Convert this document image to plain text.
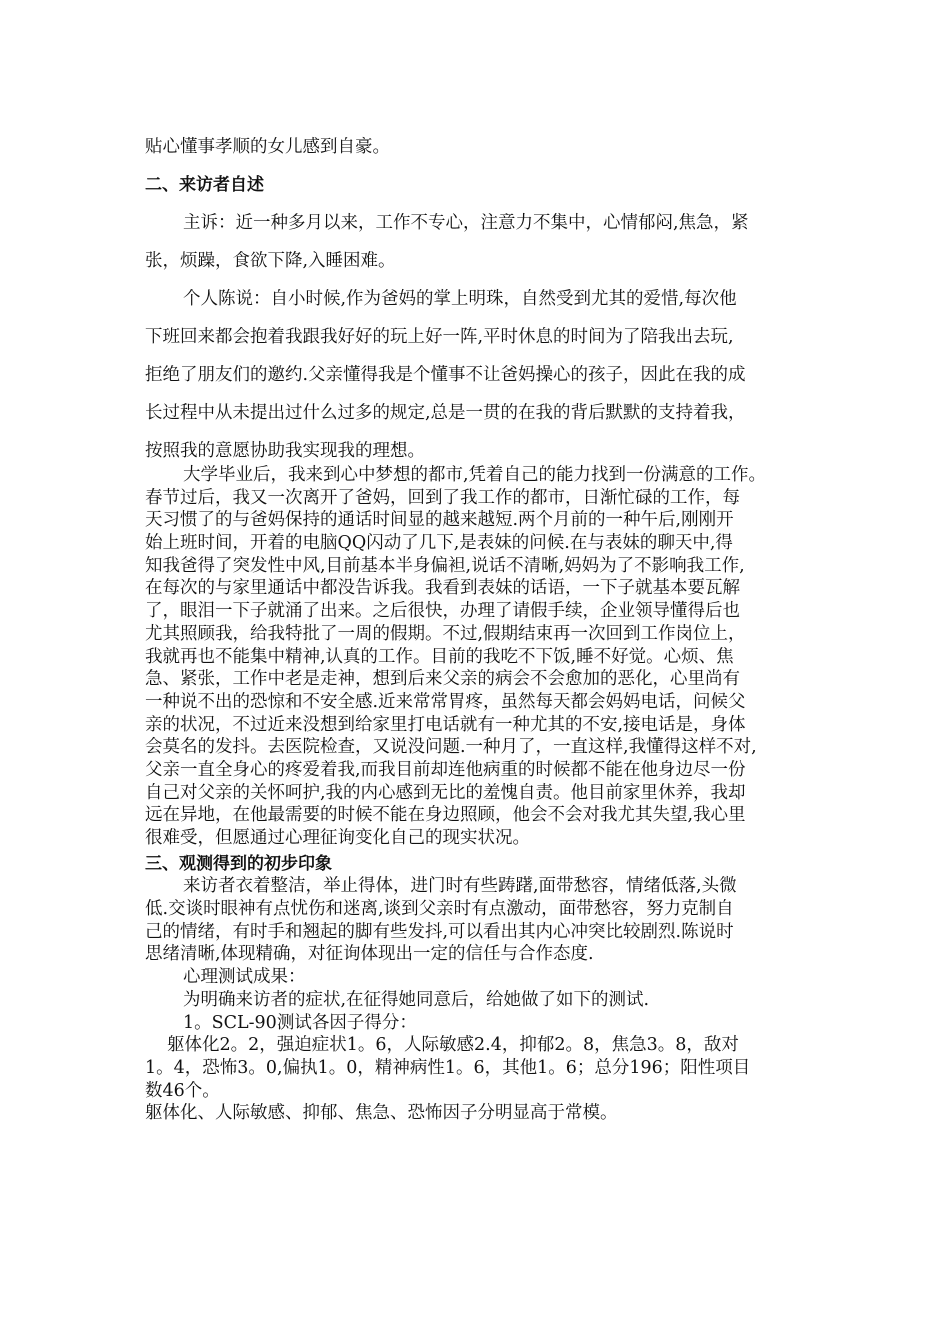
贴心懂事孝顺的女儿感到自豪。

二、来访者自述

主诉：近一种多月以来，工作不专心，注意力不集中，心情郁闷,焦急，紧

张，烦躁，食欲下降,入睡困难。

个人陈说：自小时候,作为爸妈的掌上明珠，自然受到尤其的爱惜,每次他

下班回来都会抱着我跟我好好的玩上好一阵,平时休息的时间为了陪我出去玩,

拒绝了朋友们的邀约.父亲懂得我是个懂事不让爸妈操心的孩子，因此在我的成

长过程中从未提出过什么过多的规定,总是一贯的在我的背后默默的支持着我，

按照我的意愿协助我实现我的理想。

大学毕业后，我来到心中梦想的都市,凭着自己的能力找到一份满意的工作。

春节过后，我又一次离开了爸妈，回到了我工作的都市，日渐忙碌的工作，每

天习惯了的与爸妈保持的通话时间显的越来越短.两个月前的一种午后,刚刚开

始上班时间，开着的电脑QQ闪动了几下,是表妹的问候.在与表妹的聊天中,得

知我爸得了突发性中风,目前基本半身偏袒,说话不清晰,妈妈为了不影响我工作,

在每次的与家里通话中都没告诉我。我看到表妹的话语，一下子就基本要瓦解

了，眼泪一下子就涌了出来。之后很快，办理了请假手续，企业领导懂得后也

尤其照顾我，给我特批了一周的假期。不过,假期结束再一次回到工作岗位上，

我就再也不能集中精神,认真的工作。目前的我吃不下饭,睡不好觉。心烦、焦

急、紧张，工作中老是走神，想到后来父亲的病会不会愈加的恶化，心里尚有

一种说不出的恐惊和不安全感.近来常常胃疼，虽然每天都会妈妈电话，问候父

亲的状况，不过近来没想到给家里打电话就有一种尤其的不安,接电话是，身体

会莫名的发抖。去医院检查，又说没问题.一种月了，一直这样,我懂得这样不对,

父亲一直全身心的疼爱着我,而我目前却连他病重的时候都不能在他身边尽一份

自己对父亲的关怀呵护,我的内心感到无比的羞愧自责。他目前家里休养，我却

远在异地，在他最需要的时候不能在身边照顾，他会不会对我尤其失望,我心里

很难受，但愿通过心理征询变化自己的现实状况。

三、观测得到的初步印象

来访者衣着整洁，举止得体，进门时有些踌躇,面带愁容，情绪低落,头微

低.交谈时眼神有点忧伤和迷离,谈到父亲时有点激动，面带愁容，努力克制自

己的情绪，有时手和翘起的脚有些发抖,可以看出其内心冲突比较剧烈.陈说时

思绪清晰,体现精确，对征询体现出一定的信任与合作态度.

心理测试成果：

为明确来访者的症状,在征得她同意后，给她做了如下的测试.

1。SCL-90测试各因子得分：

躯体化2。2，强迫症状1。6，人际敏感2.4，抑郁2。8，焦急3。8，敌对

1。4，恐怖3。0,偏执1。0，精神病性1。6，其他1。6；总分196；阳性项目

数46个。

躯体化、人际敏感、抑郁、焦急、恐怖因子分明显高于常模。
